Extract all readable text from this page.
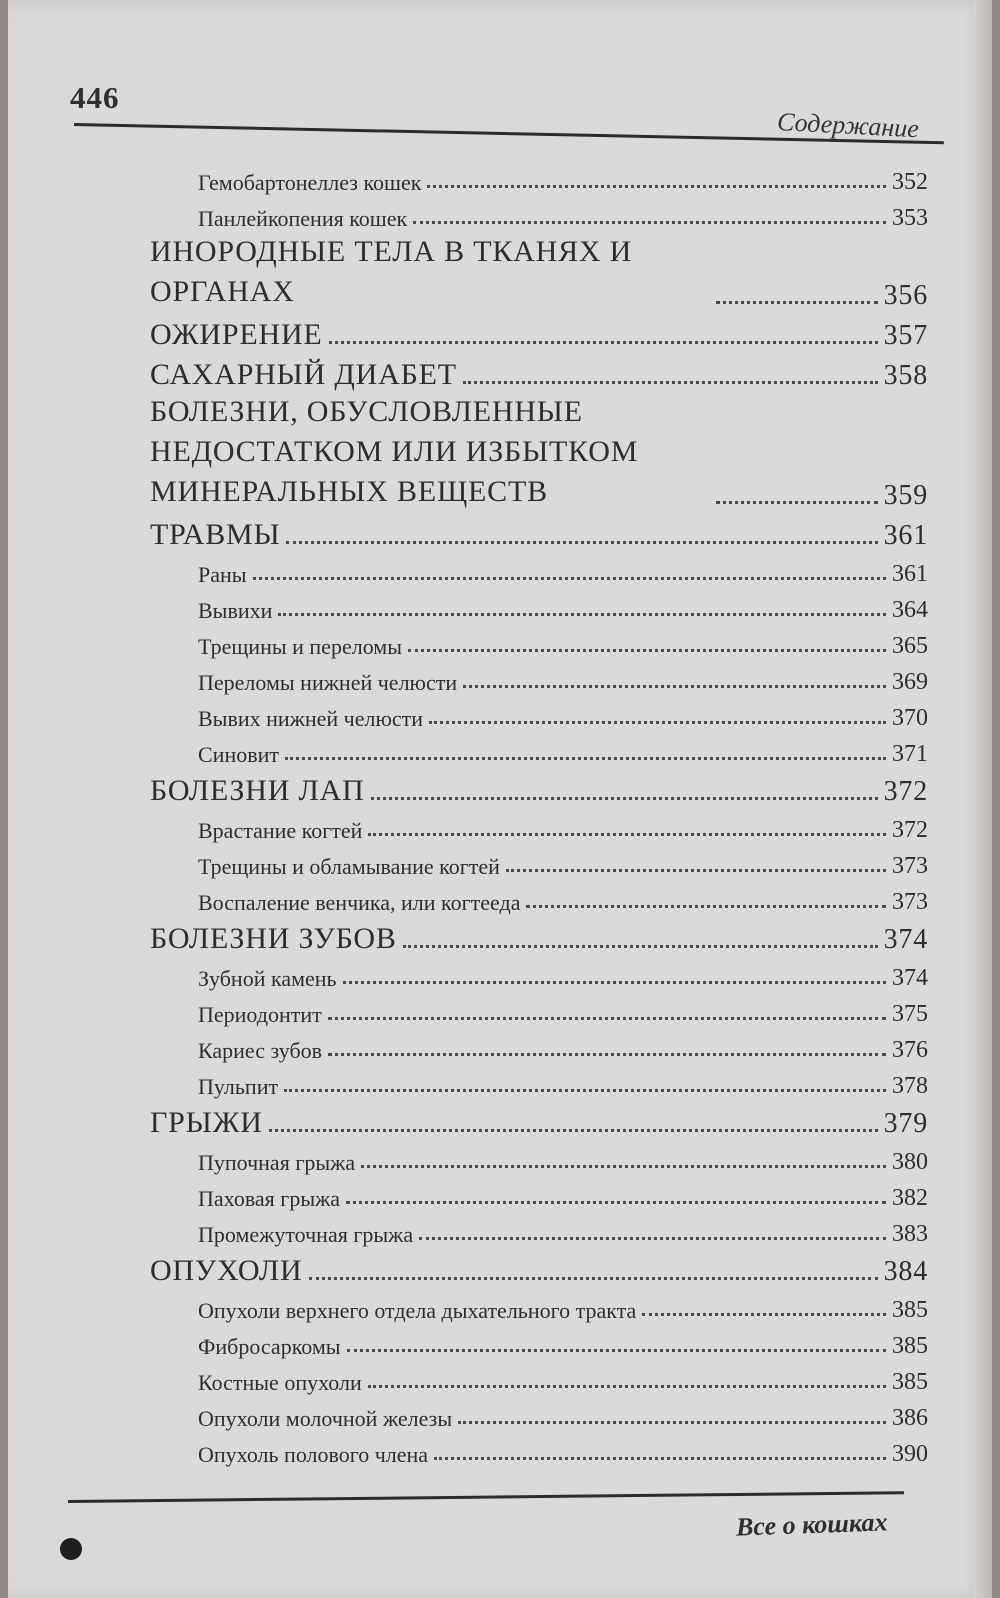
446
Содержание
Гемобартонеллез кошек	352
Панлейкопения кошек	353
ИНОРОДНЫЕ ТЕЛА В ТКАНЯХ И ОРГАНАХ	356
ОЖИРЕНИЕ	357
САХАРНЫЙ ДИАБЕТ	358
БОЛЕЗНИ, ОБУСЛОВЛЕННЫЕ НЕДОСТАТКОМ ИЛИ ИЗБЫТКОМ МИНЕРАЛЬНЫХ ВЕЩЕСТВ	359
ТРАВМЫ	361
Раны	361
Вывихи	364
Трещины и переломы	365
Переломы нижней челюсти	369
Вывих нижней челюсти	370
Синовит	371
БОЛЕЗНИ ЛАП	372
Врастание когтей	372
Трещины и обламывание когтей	373
Воспаление венчика, или когтееда	373
БОЛЕЗНИ ЗУБОВ	374
Зубной камень	374
Периодонтит	375
Кариес зубов	376
Пульпит	378
ГРЫЖИ	379
Пупочная грыжа	380
Паховая грыжа	382
Промежуточная грыжа	383
ОПУХОЛИ	384
Опухоли верхнего отдела дыхательного тракта	385
Фибросаркомы	385
Костные опухоли	385
Опухоли молочной железы	386
Опухоль полового члена	390
Все о кошках
